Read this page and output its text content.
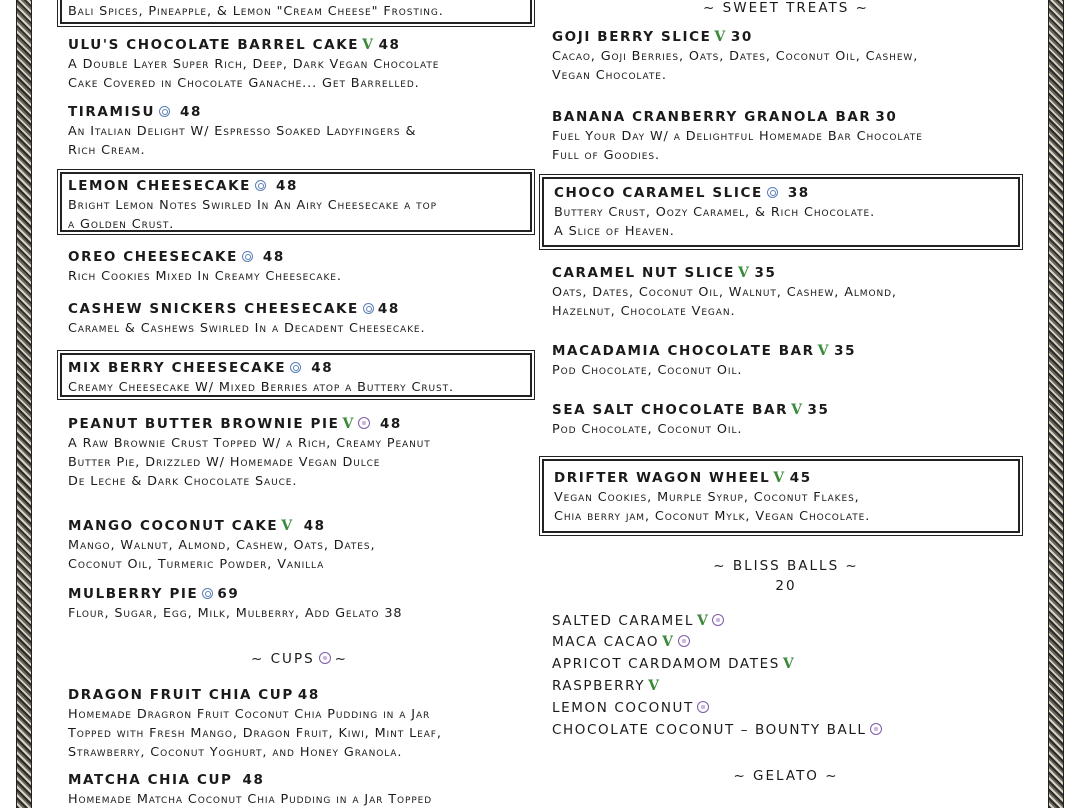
Bali Spices, Pineapple, & Lemon "Cream Cheese" Frosting.
ULU'S CHOCOLATE BARREL CAKE V 48
A Double Layer Super Rich, Deep, Dark Vegan Chocolate
Cake Covered in Chocolate Ganache... Get Barrelled.
TIRAMISU 48
An Italian Delight W/ Espresso Soaked Ladyfingers &
Rich Cream.
LEMON CHEESECAKE 48
Bright Lemon Notes Swirled In An Airy Cheesecake a top
a Golden Crust.
OREO CHEESECAKE 48
Rich Cookies Mixed In Creamy Cheesecake.
CASHEW SNICKERS CHEESECAKE 48
Caramel & Cashews Swirled In a Decadent Cheesecake.
MIX BERRY CHEESECAKE 48
Creamy Cheesecake W/ Mixed Berries atop a Buttery Crust.
PEANUT BUTTER BROWNIE PIE V 48
A Raw Brownie Crust Topped W/ a Rich, Creamy Peanut
Butter Pie, Drizzled W/ Homemade Vegan Dulce
De Leche & Dark Chocolate Sauce.
MANGO COCONUT CAKE V 48
Mango, Walnut, Almond, Cashew, Oats, Dates,
Coconut Oil, Turmeric Powder, Vanilla
MULBERRY PIE 69
Flour, Sugar, Egg, Milk, Mulberry, Add Gelato 38
~ CUPS ~
DRAGON FRUIT CHIA CUP 48
Homemade Dragron Fruit Coconut Chia Pudding in a Jar
Topped with Fresh Mango, Dragon Fruit, Kiwi, Mint Leaf,
Strawberry, Coconut Yoghurt, and Honey Granola.
MATCHA CHIA CUP 48
Homemade Matcha Coconut Chia Pudding in a Jar Topped
~ SWEET TREATS ~
GOJI BERRY SLICE V 30
Cacao, Goji Berries, Oats, Dates, Coconut Oil, Cashew,
Vegan Chocolate.
BANANA CRANBERRY GRANOLA BAR 30
Fuel Your Day W/ a Delightful Homemade Bar Chocolate
Full of Goodies.
CHOCO CARAMEL SLICE 38
Buttery Crust, Oozy Caramel, & Rich Chocolate.
A Slice of Heaven.
CARAMEL NUT SLICE V 35
Oats, Dates, Coconut Oil, Walnut, Cashew, Almond,
Hazelnut, Chocolate Vegan.
MACADAMIA CHOCOLATE BAR V 35
Pod Chocolate, Coconut Oil.
SEA SALT CHOCOLATE BAR V 35
Pod Chocolate, Coconut Oil.
DRIFTER WAGON WHEEL V 45
Vegan Cookies, Murple Syrup, Coconut Flakes,
Chia berry jam, Coconut Mylk, Vegan Chocolate.
~ BLISS BALLS ~
20
SALTED CARAMEL V
MACA CACAO V
APRICOT CARDAMOM DATES V
RASPBERRY V
LEMON COCONUT
CHOCOLATE COCONUT – BOUNTY BALL
~ GELATO ~
